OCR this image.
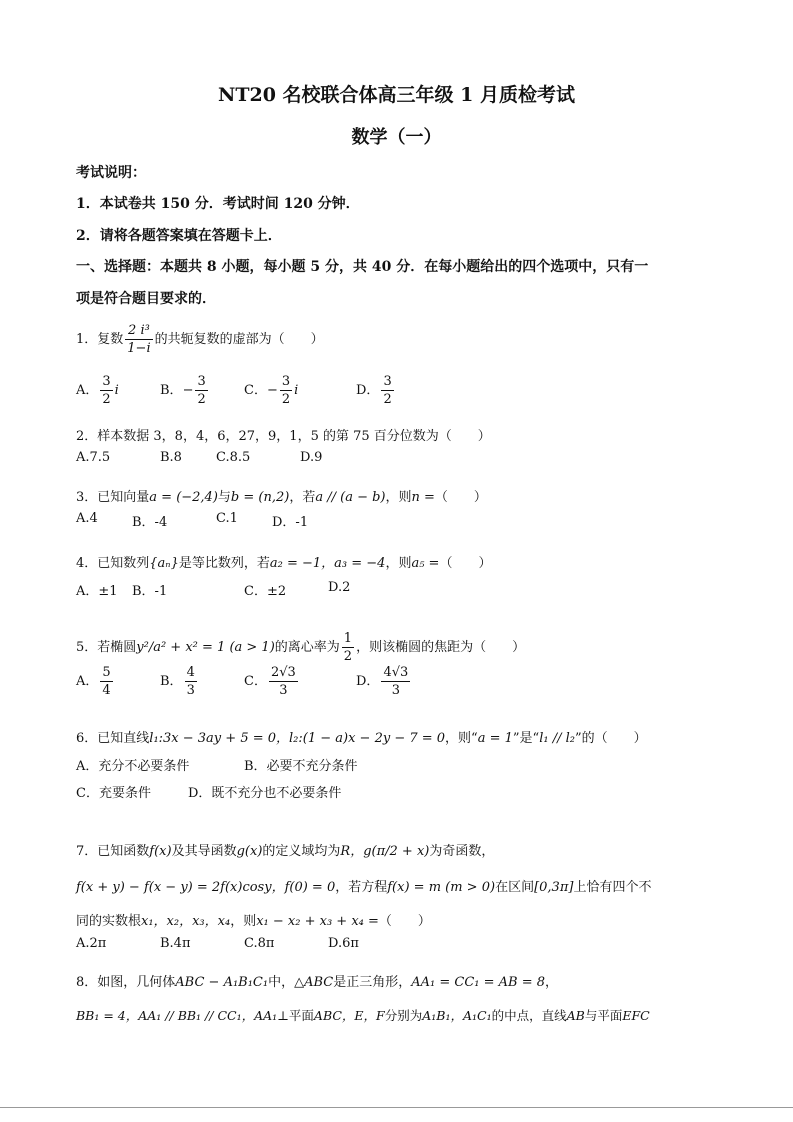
NT20 名校联合体高三年级 1 月质检考试
数学（一）
考试说明：
1．本试卷共 150 分．考试时间 120 分钟．
2．请将各题答案填在答题卡上．
一、选择题：本题共 8 小题，每小题 5 分，共 40 分．在每小题给出的四个选项中，只有一
项是符合题目要求的．
1．复数 $\frac{\text{2 i³}}{1-i}$ 的共轭复数的虚部为（　　）
A． $\frac{3}{2}$ i	B．− $\frac{3}{2}$	C．− $\frac{3}{2}$ i	D． $\frac{3}{2}$
2．样本数据 3，8，4，6，27，9，1，5 的第 75 百分位数为（　　）
A.7.5	B.8	C.8.5	D.9
3．已知向量a = (−2,4)与b = (n,2)，若a // (a − b)，则n =（　　）
A.4	B．-4	C.1	D．-1
4．已知数列{aₙ}是等比数列，若a₂ = −1，a₃ = −4，则a₅ =（　　）
A．±1 B．-1	C．±2	D.2
5．若椭圆y²/a² + x² = 1 (a > 1)的离心率为 $\frac{1}{2}$ ，则该椭圆的焦距为（　　）
A． $\frac{5}{4}$	B． $\frac{4}{3}$	C． $\frac{2√3}{3}$	D． $\frac{4√3}{3}$
6．已知直线l₁:3x − 3ay + 5 = 0，l₂:(1 − a)x − 2y − 7 = 0，则“a = 1”是“l₁ // l₂”的（　　）
A．充分不必要条件	B．必要不充分条件
C．充要条件	D．既不充分也不必要条件
7．已知函数f(x)及其导函数g(x)的定义域均为R，g(π/2 + x)为奇函数，
f(x + y) − f(x − y) = 2f(x)cosy，f(0) = 0，若方程f(x) = m (m > 0)在区间[0,3π]上恰有四个不
同的实数根x₁，x₂，x₃，x₄，则x₁ − x₂ + x₃ + x₄ =（　　）
A.2π	B.4π	C.8π	D.6π
8．如图，几何体ABC − A₁B₁C₁中，△ABC是正三角形，AA₁ = CC₁ = AB = 8，
BB₁ = 4，AA₁ // BB₁ // CC₁，AA₁⊥平面ABC，E，F分别为A₁B₁，A₁C₁的中点，直线AB与平面EFC
